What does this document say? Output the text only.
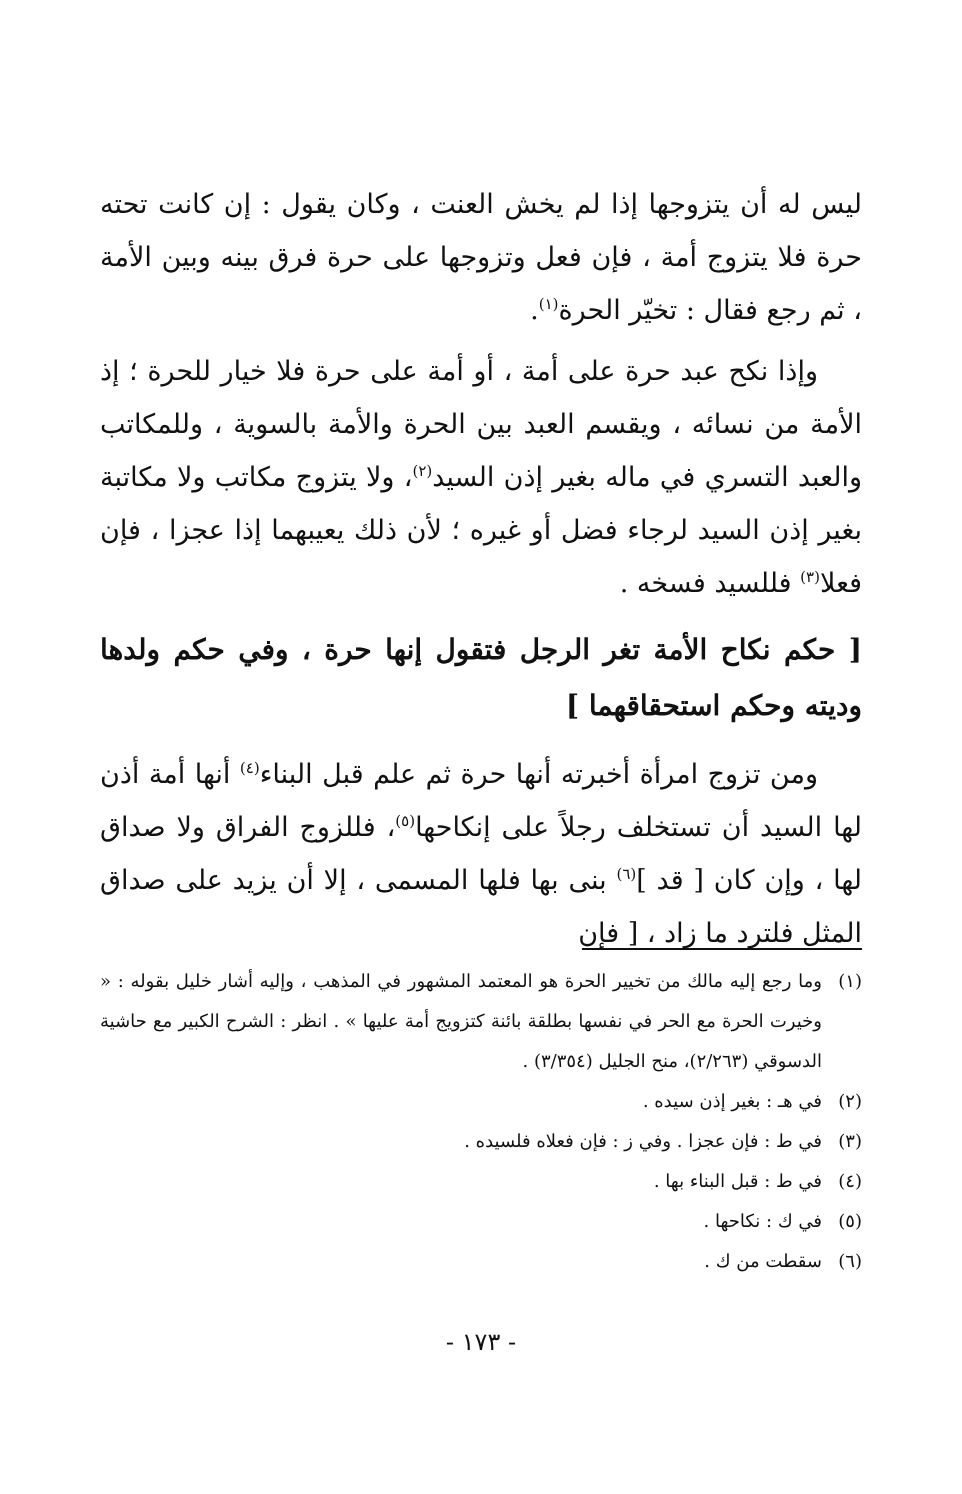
ليس له أن يتزوجها إذا لم يخش العنت ، وكان يقول : إن كانت تحته حرة فلا يتزوج أمة ، فإن فعل وتزوجها على حرة فرق بينه وبين الأمة ، ثم رجع فقال : تخيّر الحرة$^{(١)}$.

وإذا نكح عبد حرة على أمة ، أو أمة على حرة فلا خيار للحرة ؛ إذ الأمة من نسائه ، ويقسم العبد بين الحرة والأمة بالسوية ، وللمكاتب والعبد التسري في ماله بغير إذن السيد$^{(٢)}$، ولا يتزوج مكاتب ولا مكاتبة بغير إذن السيد لرجاء فضل أو غيره ؛ لأن ذلك يعيبهما إذا عجزا ، فإن فعلا$^{(٣)}$ فللسيد فسخه .

[ حكم نكاح الأمة تغر الرجل فتقول إنها حرة ، وفي حكم ولدها وديته وحكم استحقاقهما ]

ومن تزوج امرأة أخبرته أنها حرة ثم علم قبل البناء$^{(٤)}$ أنها أمة أذن لها السيد أن تستخلف رجلاً على إنكاحها$^{(٥)}$، فللزوج الفراق ولا صداق لها ، وإن كان [ قد ]$^{(٦)}$ بنى بها فلها المسمى ، إلا أن يزيد على صداق المثل فلترد ما زاد ، [ فإن

(١)
وما رجع إليه مالك من تخيير الحرة هو المعتمد المشهور في المذهب ، وإليه أشار خليل بقوله : « وخيرت الحرة مع الحر في نفسها بطلقة بائنة كتزويج أمة عليها » . انظر : الشرح الكبير مع حاشية الدسوقي (٢/٢٦٣)، منح الجليل (٣/٣٥٤) .
(٢)
في هـ : بغير إذن سيده .
(٣)
في ط : فإن عجزا . وفي ز : فإن فعلاه فلسيده .
(٤)
في ط : قبل البناء بها .
(٥)
في ك : نكاحها .
(٦)
سقطت من ك .
- ١٧٣ -
